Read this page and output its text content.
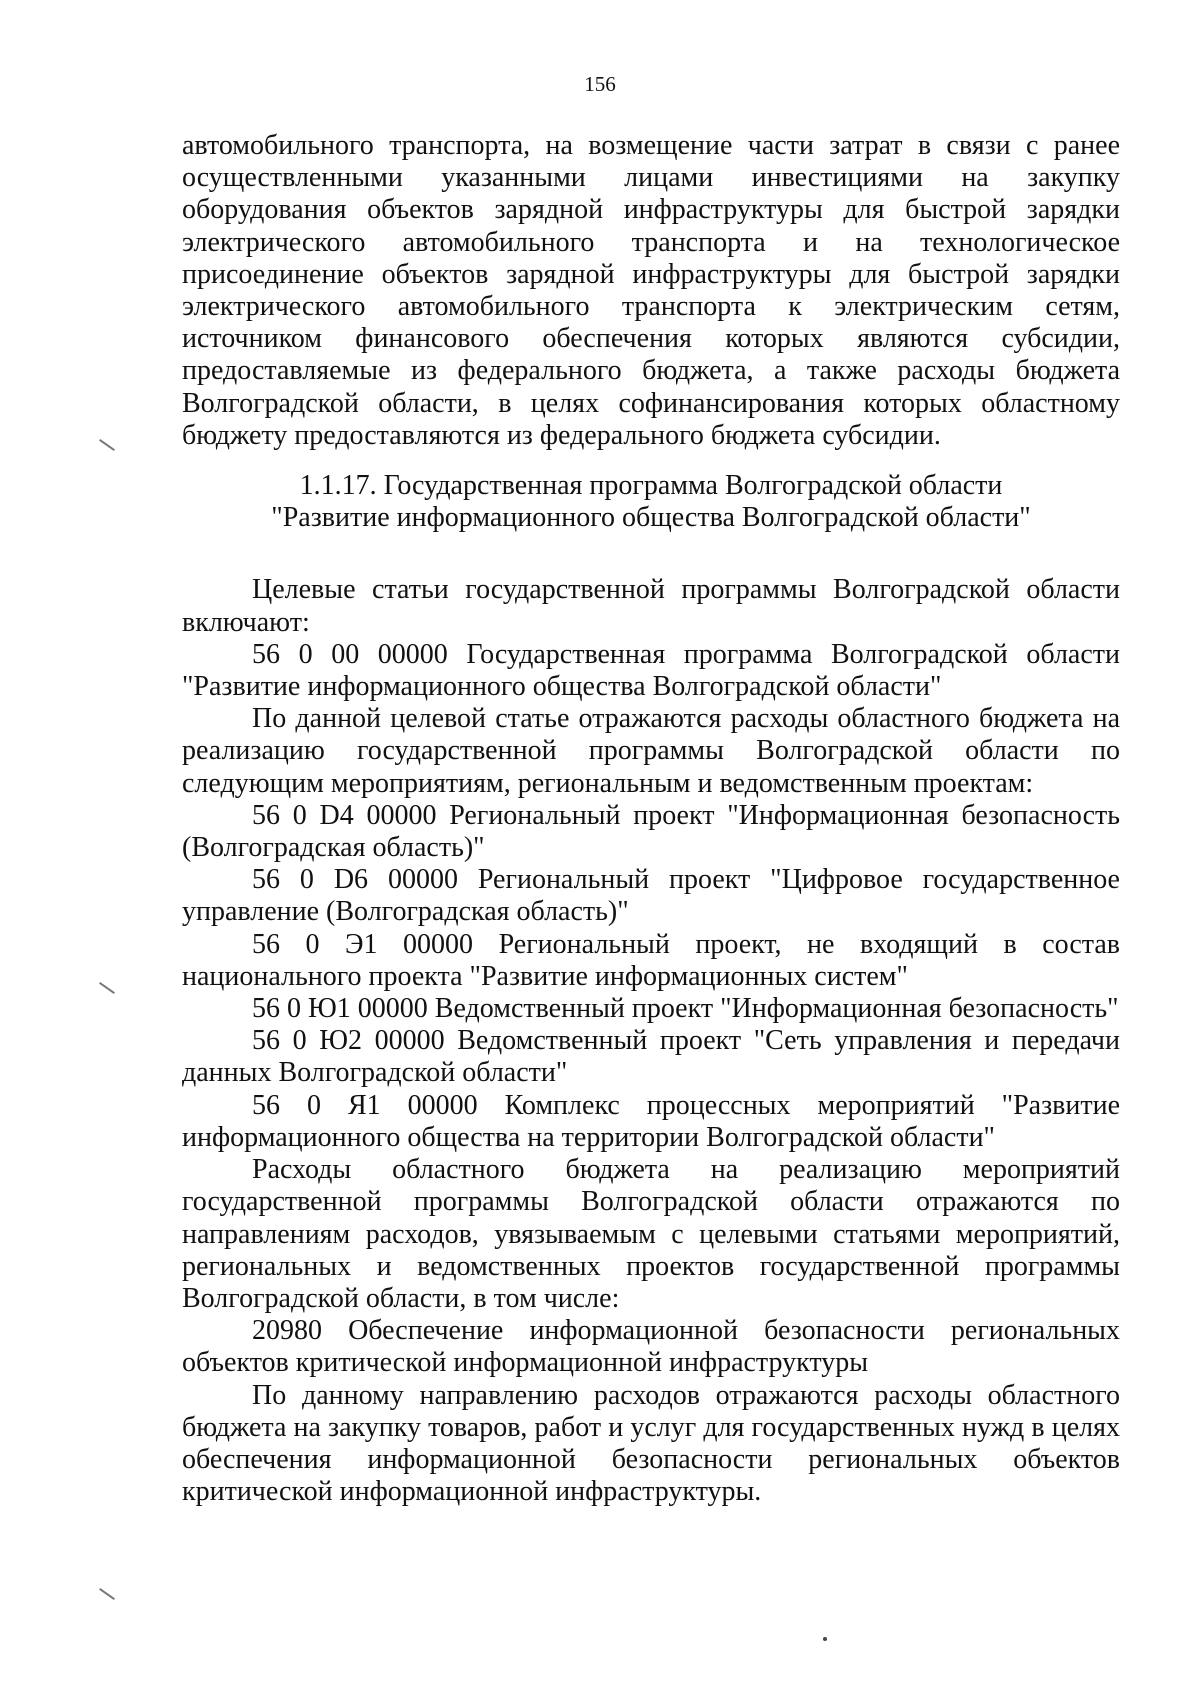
156

автомобильного транспорта, на возмещение части затрат в связи с ранее осуществленными указанными лицами инвестициями на закупку оборудования объектов зарядной инфраструктуры для быстрой зарядки электрического автомобильного транспорта и на технологическое присоединение объектов зарядной инфраструктуры для быстрой зарядки электрического автомобильного транспорта к электрическим сетям, источником финансового обеспечения которых являются субсидии, предоставляемые из федерального бюджета, а также расходы бюджета Волгоградской области, в целях софинансирования которых областному бюджету предоставляются из федерального бюджета субсидии.

1.1.17. Государственная программа Волгоградской области
"Развитие информационного общества Волгоградской области"

Целевые статьи государственной программы Волгоградской области включают:

56 0 00 00000 Государственная программа Волгоградской области "Развитие информационного общества Волгоградской области"

По данной целевой статье отражаются расходы областного бюджета на реализацию государственной программы Волгоградской области по следующим мероприятиям, региональным и ведомственным проектам:

56 0 D4 00000 Региональный проект "Информационная безопасность (Волгоградская область)"

56 0 D6 00000 Региональный проект "Цифровое государственное управление (Волгоградская область)"

56 0 Э1 00000 Региональный проект, не входящий в состав национального проекта "Развитие информационных систем"

56 0 Ю1 00000 Ведомственный проект "Информационная безопасность"

56 0 Ю2 00000 Ведомственный проект "Сеть управления и передачи данных Волгоградской области"

56 0 Я1 00000 Комплекс процессных мероприятий "Развитие информационного общества на территории Волгоградской области"

Расходы областного бюджета на реализацию мероприятий государственной программы Волгоградской области отражаются по направлениям расходов, увязываемым с целевыми статьями мероприятий, региональных и ведомственных проектов государственной программы Волгоградской области, в том числе:

20980 Обеспечение информационной безопасности региональных объектов критической информационной инфраструктуры

По данному направлению расходов отражаются расходы областного бюджета на закупку товаров, работ и услуг для государственных нужд в целях обеспечения информационной безопасности региональных объектов критической информационной инфраструктуры.
